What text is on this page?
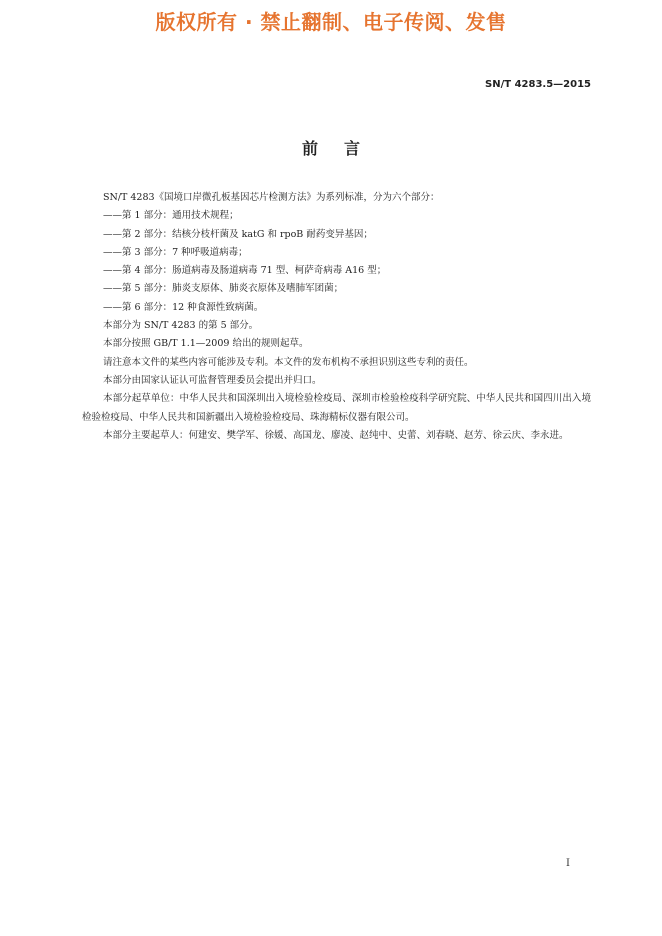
版权所有 · 禁止翻制、电子传阅、发售
SN/T 4283.5—2015
前言

SN/T 4283《国境口岸微孔板基因芯片检测方法》为系列标准，分为六个部分：

——第 1 部分：通用技术规程；

——第 2 部分：结核分枝杆菌及 katG 和 rpoB 耐药变异基因；

——第 3 部分：7 种呼吸道病毒；

——第 4 部分：肠道病毒及肠道病毒 71 型、柯萨奇病毒 A16 型；

——第 5 部分：肺炎支原体、肺炎衣原体及嗜肺军团菌；

——第 6 部分：12 种食源性致病菌。

本部分为 SN/T 4283 的第 5 部分。

本部分按照 GB/T 1.1—2009 给出的规则起草。

请注意本文件的某些内容可能涉及专利。本文件的发布机构不承担识别这些专利的责任。

本部分由国家认证认可监督管理委员会提出并归口。

本部分起草单位：中华人民共和国深圳出入境检验检疫局、深圳市检验检疫科学研究院、中华人民共和国四川出入境检验检疫局、中华人民共和国新疆出入境检验检疫局、珠海精标仪器有限公司。

本部分主要起草人：何建安、樊学军、徐媛、高国龙、廖凌、赵纯中、史蕾、刘春晓、赵芳、徐云庆、李永进。

I
